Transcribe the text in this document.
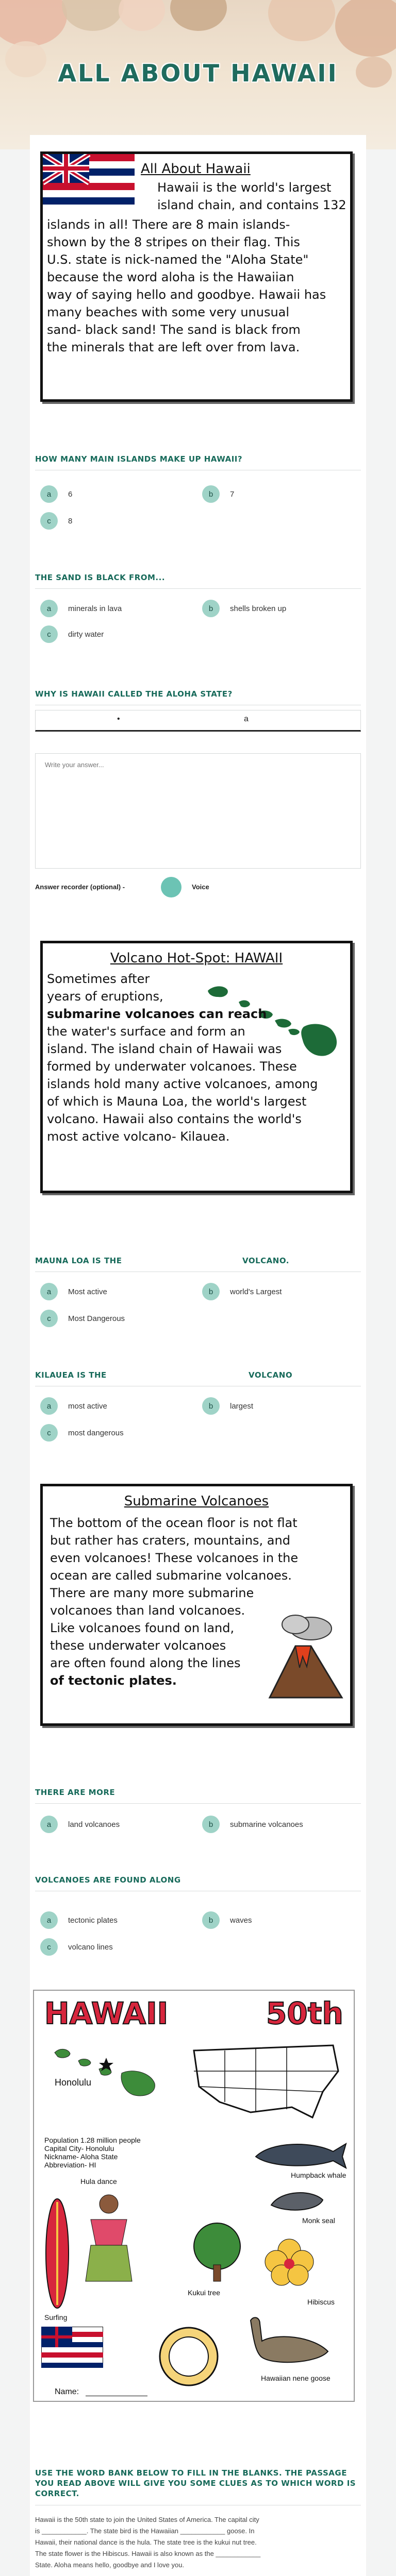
ALL ABOUT HAWAII
All About Hawaii
Hawaii is the world's largest
island chain, and contains 132
islands in all! There are 8 main islands-
shown by the 8 stripes on their flag. This
U.S. state is nick-named the "Aloha State"
because the word aloha is the Hawaiian
way of saying hello and goodbye. Hawaii has
many beaches with some very unusual
sand- black sand! The sand is black from
the minerals that are left over from lava.
HOW MANY MAIN ISLANDS MAKE UP HAWAII?
a	6	b	7
c	8
THE SAND IS BLACK FROM...
a	minerals in lava	b	shells broken up
c	dirty water
WHY IS HAWAII CALLED THE ALOHA STATE?
•	a
Write your answer...
Answer recorder (optional) -	Voice
Volcano Hot-Spot: HAWAII
Sometimes after
years of eruptions,
submarine volcanoes can reach
the water's surface and form an
island. The island chain of Hawaii was
formed by underwater volcanoes. These
islands hold many active volcanoes, among
of which is Mauna Loa, the world's largest
volcano. Hawaii also contains the world's
most active volcano- Kilauea.
MAUNA LOA IS THE	VOLCANO.
a	Most active	b	world's Largest
c	Most Dangerous
KILAUEA IS THE	VOLCANO
a	most active	b	largest
c	most dangerous
Submarine Volcanoes
The bottom of the ocean floor is not flat
but rather has craters, mountains, and
even volcanoes! These volcanoes in the
ocean are called submarine volcanoes.
There are many more submarine
volcanoes than land volcanoes.
Like volcanoes found on land,
these underwater volcanoes
are often found along the lines
of tectonic plates.
THERE ARE MORE
a	land volcanoes	b	submarine volcanoes
VOLCANOES ARE FOUND ALONG
a	tectonic plates	b	waves
c	volcano lines
HAWAII	50th
Honolulu
Population 1.28 million people
Capital City- Honolulu
Nickname- Aloha State
Abbreviation- HI
Humpback whale
Hula dance
Surfing
Monk seal
Kukui tree
Hibiscus
Hawaiian nene goose
Name:
USE THE WORD BANK BELOW TO FILL IN THE BLANKS. THE PASSAGE YOU READ ABOVE WILL GIVE YOU SOME CLUES AS TO WHICH WORD IS CORRECT.
Hawaii is the 50th state to join the United States of America. The capital city
is ____________. The state bird is the Hawaiian ____________ goose. In
Hawaii, their national dance is the hula. The state tree is the kukui nut tree.
The state flower is the Hibiscus. Hawaii is also known as the ____________
State. Aloha means hello, goodbye and I love you.
